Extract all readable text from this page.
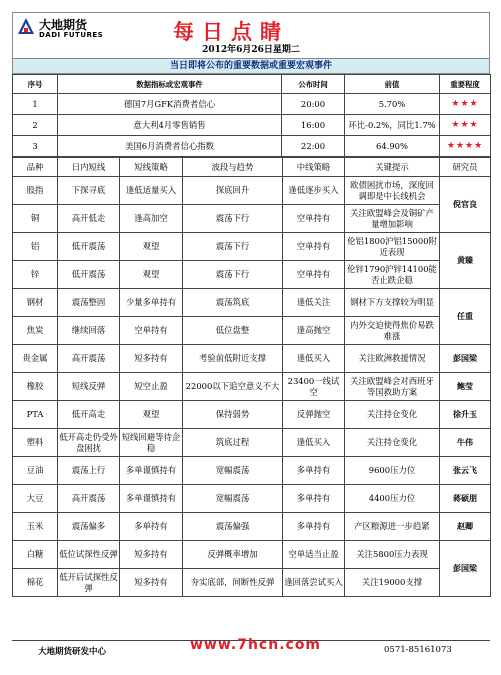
大地期货
DADI FUTURES	每日点睛
2012年6月26日星期二
当日即将公布的重要数据或重要宏观事件
序号	数据指标或宏观事件	公布时间	前值	重要程度
1	德国7月GFK消费者信心	20:00	5.70%	★★★
2	意大利4月零售销售	16:00	环比-0.2%，同比1.7%	★★★
3	美国6月消费者信心指数	22:00	64.90%	★★★★
品种	日内短线	短线策略	波段与趋势	中线策略	关键提示	研究员
股指	下探寻底	逢低适量买入	探底回升	逢低逐步买入	欧债困扰市场，深度回调即是中长线机会	倪官良
铜	高开低走	逢高加空	震荡下行	空单持有	关注欧盟峰会及铜矿产量增加影响	
铝	低开震荡	观望	震荡下行	空单持有	伦铝1800沪铝15000附近表现	黄臻
锌	低开震荡	观望	震荡下行	空单持有	伦锌1790沪锌14100能否止跌企稳	
钢材	震荡整固	少量多单持有	震荡筑底	逢低关注	钢材下方支撑较为明显	任重
焦炭	继续回落	空单持有	低位盘整	逢高抛空	内外交迫使得焦价易跌难涨	
贵金属	高开震荡	短多持有	考验前低附近支撑	逢低买入	关注欧洲救援情况	彭国梁
橡胶	短线反弹	短空止盈	22000以下追空意义不大	23400一线试空	关注欧盟峰会对西班牙等国救助方案	鲍莹
PTA	低开高走	观望	保持弱势	反弹抛空	关注持仓变化	徐升玉
塑料	低开高走仍受外盘困扰	短线回避等待企稳	筑底过程	逢低买入	关注持仓变化	牛伟
豆油	震荡上行	多单谨慎持有	宽幅震荡	多单持有	9600压力位	张云飞
大豆	高开震荡	多单谨慎持有	宽幅震荡	多单持有	4400压力位	蒋硕朋
玉米	震荡偏多	多单持有	震荡偏强	多单持有	产区粮源进一步趋紧	赵卿
白糖	低位试探性反弹	短多持有	反弹概率增加	空单适当止盈	关注5800压力表现	彭国梁
棉花	低开后试探性反弹	短多持有	夯实底部，间断性反弹	逢回落尝试买入	关注19000支撑	
大地期货研发中心	0571-85161073
www.7hcn.com
